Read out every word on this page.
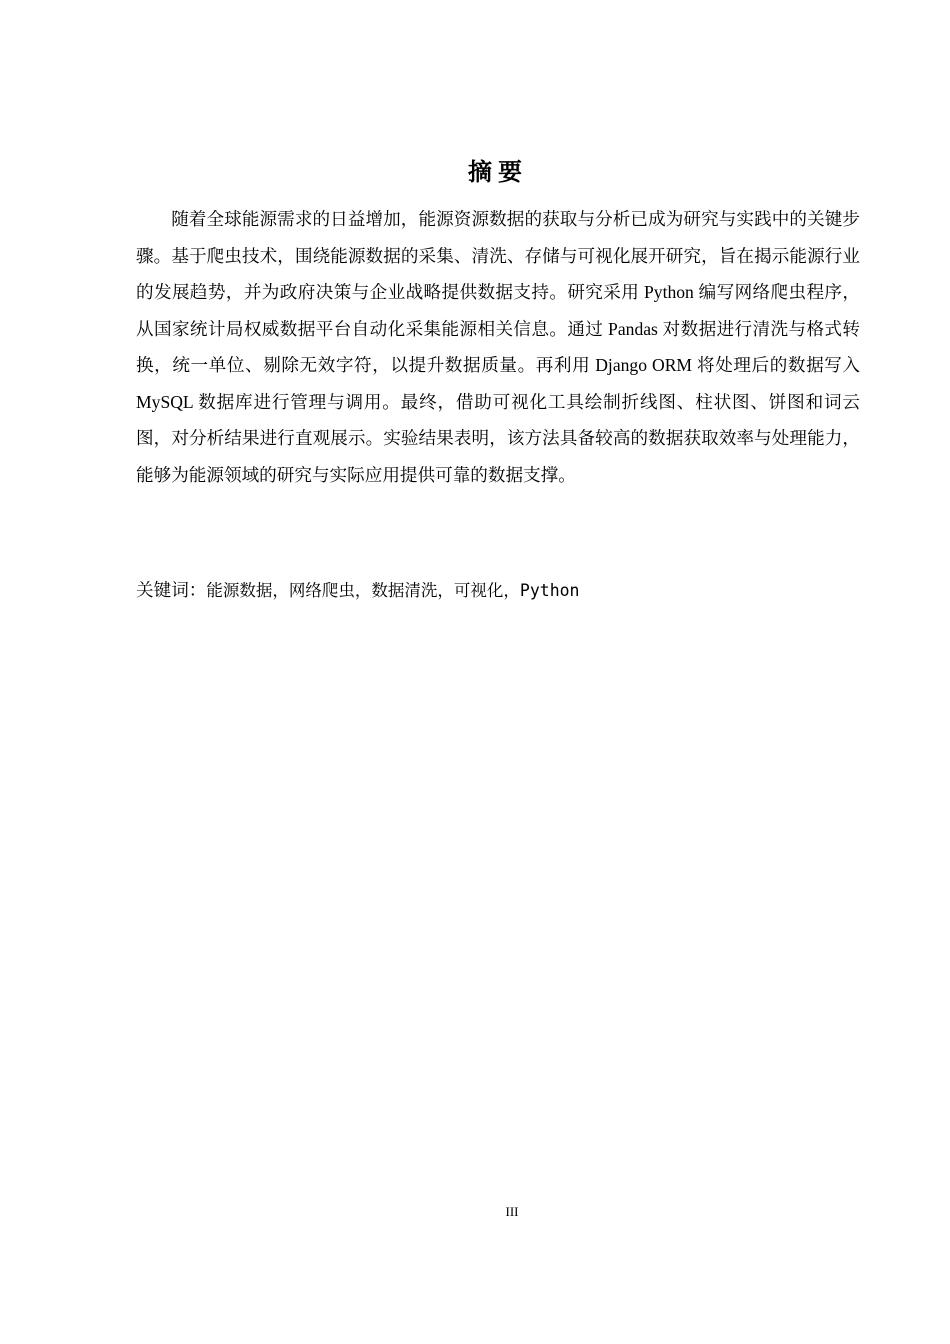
摘要

随着全球能源需求的日益增加，能源资源数据的获取与分析已成为研究与实践中的关键步骤。基于爬虫技术，围绕能源数据的采集、清洗、存储与可视化展开研究，旨在揭示能源行业的发展趋势，并为政府决策与企业战略提供数据支持。研究采用 Python 编写网络爬虫程序，从国家统计局权威数据平台自动化采集能源相关信息。通过 Pandas 对数据进行清洗与格式转换，统一单位、剔除无效字符，以提升数据质量。再利用 Django ORM 将处理后的数据写入 MySQL 数据库进行管理与调用。最终，借助可视化工具绘制折线图、柱状图、饼图和词云图，对分析结果进行直观展示。实验结果表明，该方法具备较高的数据获取效率与处理能力，能够为能源领域的研究与实际应用提供可靠的数据支撑。

关键词：能源数据，网络爬虫，数据清洗，可视化，Python

III
